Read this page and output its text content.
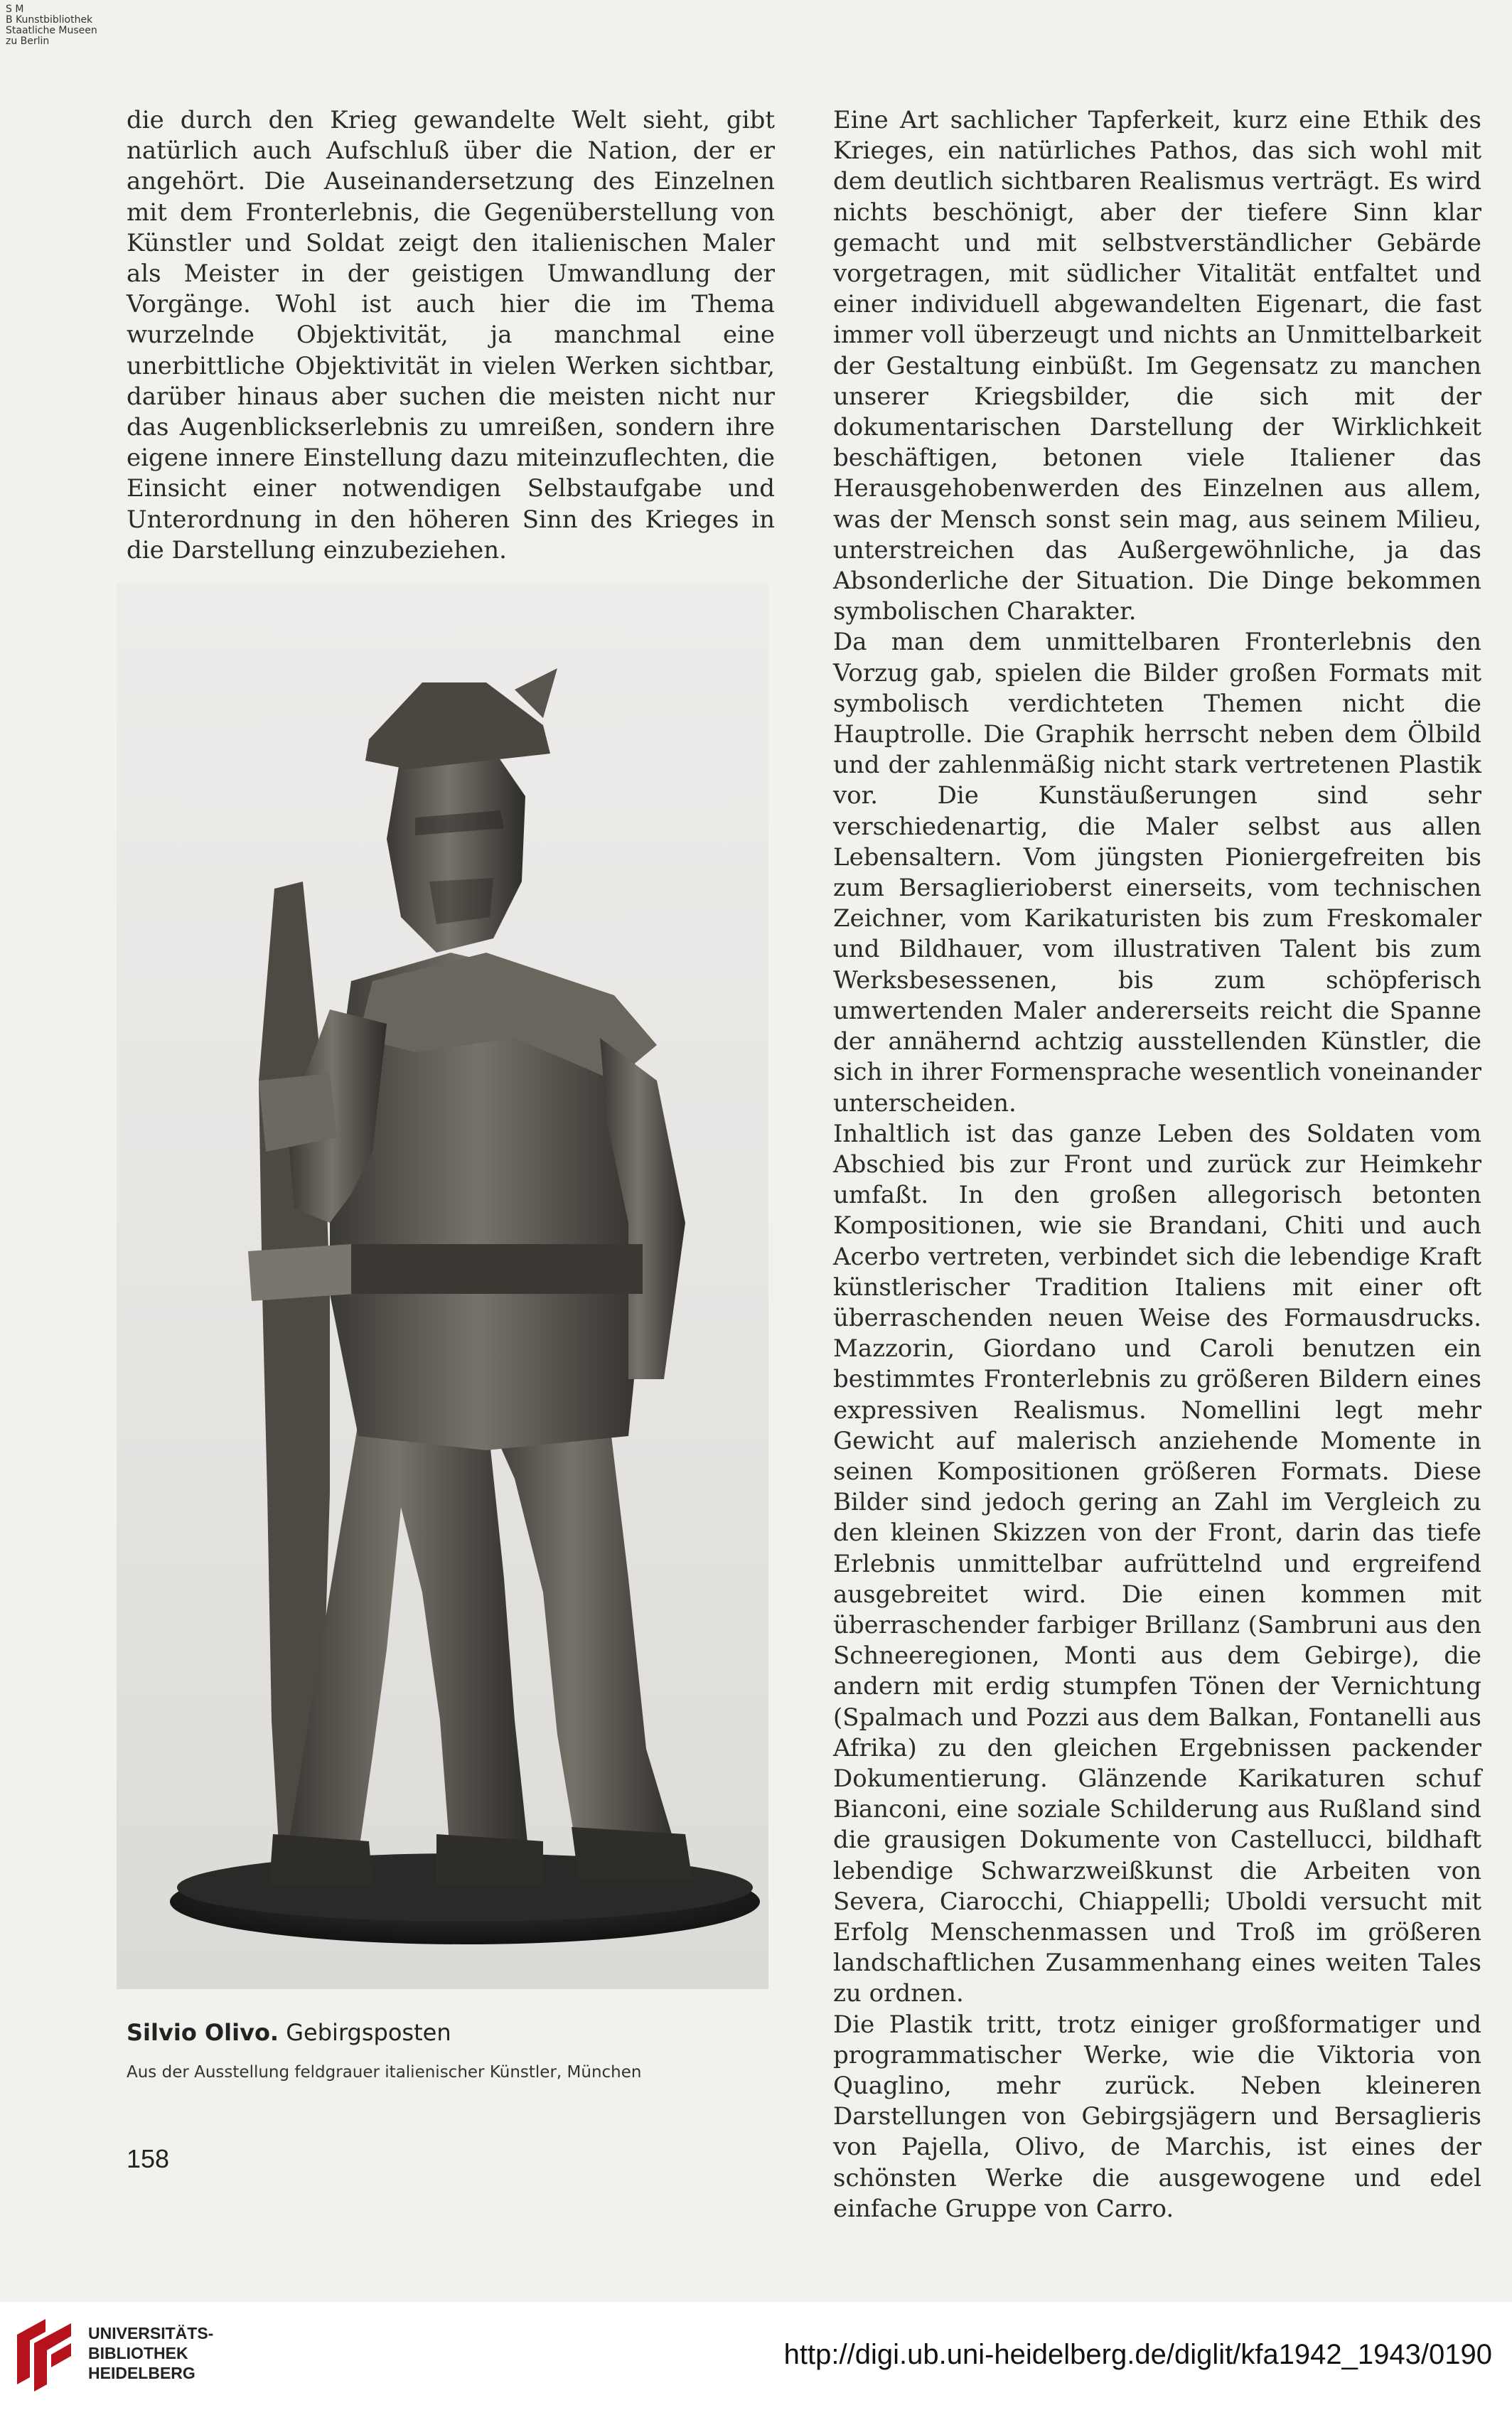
S M
B Kunstbibliothek
Staatliche Museen
zu Berlin

die durch den Krieg gewandelte Welt sieht, gibt natürlich auch Aufschluß über die Nation, der er angehört. Die Auseinandersetzung des Einzelnen mit dem Fronterlebnis, die Gegenüberstellung von Künstler und Soldat zeigt den italienischen Maler als Meister in der geistigen Umwandlung der Vorgänge. Wohl ist auch hier die im Thema wurzelnde Objektivität, ja manchmal eine unerbittliche Objektivität in vielen Werken sichtbar, darüber hinaus aber suchen die meisten nicht nur das Augenblickserlebnis zu umreißen, sondern ihre eigene innere Einstellung dazu miteinzuflechten, die Einsicht einer notwendigen Selbstaufgabe und Unterordnung in den höheren Sinn des Krieges in die Darstellung einzubeziehen.

Eine Art sachlicher Tapferkeit, kurz eine Ethik des Krieges, ein natürliches Pathos, das sich wohl mit dem deutlich sichtbaren Realismus verträgt. Es wird nichts beschönigt, aber der tiefere Sinn klar gemacht und mit selbstverständlicher Gebärde vorgetragen, mit südlicher Vitalität entfaltet und einer individuell abgewandelten Eigenart, die fast immer voll überzeugt und nichts an Unmittelbarkeit der Gestaltung einbüßt. Im Gegensatz zu manchen unserer Kriegsbilder, die sich mit der dokumentarischen Darstellung der Wirklichkeit beschäftigen, betonen viele Italiener das Herausgehobenwerden des Einzelnen aus allem, was der Mensch sonst sein mag, aus seinem Milieu, unterstreichen das Außergewöhnliche, ja das Absonderliche der Situation. Die Dinge bekommen symbolischen Charakter.

Da man dem unmittelbaren Fronterlebnis den Vorzug gab, spielen die Bilder großen Formats mit symbolisch verdichteten Themen nicht die Hauptrolle. Die Graphik herrscht neben dem Ölbild und der zahlenmäßig nicht stark vertretenen Plastik vor. Die Kunstäußerungen sind sehr verschiedenartig, die Maler selbst aus allen Lebensaltern. Vom jüngsten Pioniergefreiten bis zum Bersaglierioberst einerseits, vom technischen Zeichner, vom Karikaturisten bis zum Freskomaler und Bildhauer, vom illustrativen Talent bis zum Werksbesessenen, bis zum schöpferisch umwertenden Maler andererseits reicht die Spanne der annähernd achtzig ausstellenden Künstler, die sich in ihrer Formensprache wesentlich voneinander unterscheiden.

Inhaltlich ist das ganze Leben des Soldaten vom Abschied bis zur Front und zurück zur Heimkehr umfaßt. In den großen allegorisch betonten Kompositionen, wie sie Brandani, Chiti und auch Acerbo vertreten, verbindet sich die lebendige Kraft künstlerischer Tradition Italiens mit einer oft überraschenden neuen Weise des Formausdrucks. Mazzorin, Giordano und Caroli benutzen ein bestimmtes Fronterlebnis zu größeren Bildern eines expressiven Realismus. Nomellini legt mehr Gewicht auf malerisch anziehende Momente in seinen Kompositionen größeren Formats. Diese Bilder sind jedoch gering an Zahl im Vergleich zu den kleinen Skizzen von der Front, darin das tiefe Erlebnis unmittelbar aufrüttelnd und ergreifend ausgebreitet wird. Die einen kommen mit überraschender farbiger Brillanz (Sambruni aus den Schneeregionen, Monti aus dem Gebirge), die andern mit erdig stumpfen Tönen der Vernichtung (Spalmach und Pozzi aus dem Balkan, Fontanelli aus Afrika) zu den gleichen Ergebnissen packender Dokumentierung. Glänzende Karikaturen schuf Bianconi, eine soziale Schilderung aus Rußland sind die grausigen Dokumente von Castellucci, bildhaft lebendige Schwarzweißkunst die Arbeiten von Severa, Ciarocchi, Chiappelli; Uboldi versucht mit Erfolg Menschenmassen und Troß im größeren landschaftlichen Zusammenhang eines weiten Tales zu ordnen.

Die Plastik tritt, trotz einiger großformatiger und programmatischer Werke, wie die Viktoria von Quaglino, mehr zurück. Neben kleineren Darstellungen von Gebirgsjägern und Bersaglieris von Pajella, Olivo, de Marchis, ist eines der schönsten Werke die ausgewogene und edel einfache Gruppe von Carro.

Silvio Olivo. Gebirgsposten
Aus der Ausstellung feldgrauer italienischer Künstler, München
158
UNIVERSITÄTS-
BIBLIOTHEK
HEIDELBERG
http://digi.ub.uni-heidelberg.de/diglit/kfa1942_1943/0190
